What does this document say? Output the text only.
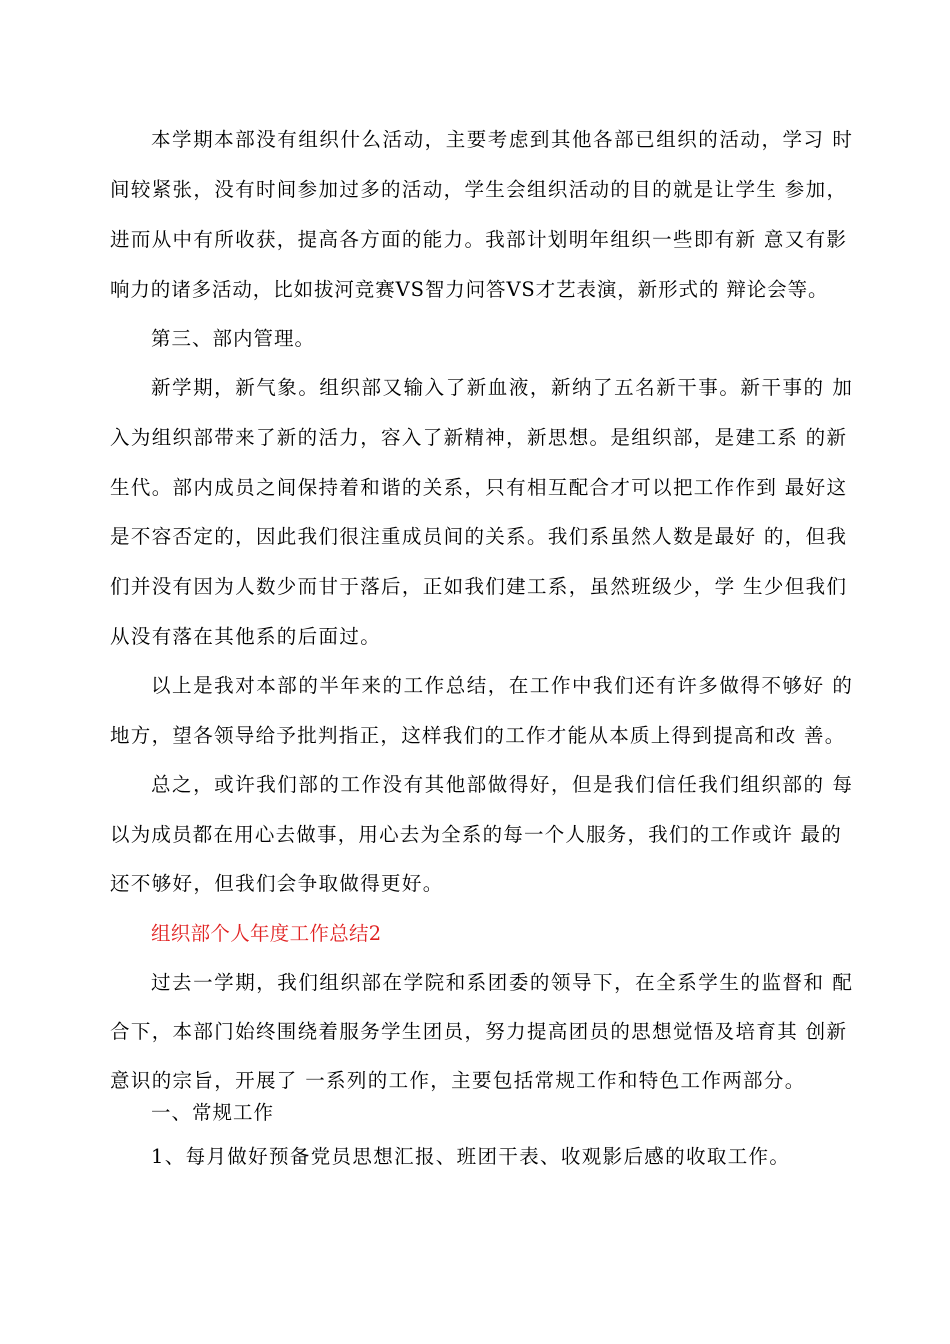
本学期本部没有组织什么活动，主要考虑到其他各部已组织的活动，学习 时
间较紧张，没有时间参加过多的活动，学生会组织活动的目的就是让学生 参加，
进而从中有所收获，提高各方面的能力。我部计划明年组织一些即有新 意又有影
响力的诸多活动，比如拔河竞赛VS智力问答VS才艺表演，新形式的 辩论会等。
第三、部内管理。
新学期，新气象。组织部又输入了新血液，新纳了五名新干事。新干事的 加
入为组织部带来了新的活力，容入了新精神，新思想。是组织部，是建工系 的新
生代。部内成员之间保持着和谐的关系，只有相互配合才可以把工作作到 最好这
是不容否定的，因此我们很注重成员间的关系。我们系虽然人数是最好 的，但我
们并没有因为人数少而甘于落后，正如我们建工系，虽然班级少，学 生少但我们
从没有落在其他系的后面过。
以上是我对本部的半年来的工作总结，在工作中我们还有许多做得不够好 的
地方，望各领导给予批判指正，这样我们的工作才能从本质上得到提高和改 善。
总之，或许我们部的工作没有其他部做得好，但是我们信任我们组织部的 每
以为成员都在用心去做事，用心去为全系的每一个人服务，我们的工作或许 最的
还不够好，但我们会争取做得更好。
组织部个人年度工作总结2
过去一学期，我们组织部在学院和系团委的领导下，在全系学生的监督和 配
合下，本部门始终围绕着服务学生团员，努力提高团员的思想觉悟及培育其 创新
意识的宗旨，开展了 一系列的工作，主要包括常规工作和特色工作两部分。
一、常规工作
1、每月做好预备党员思想汇报、班团干表、收观影后感的收取工作。
